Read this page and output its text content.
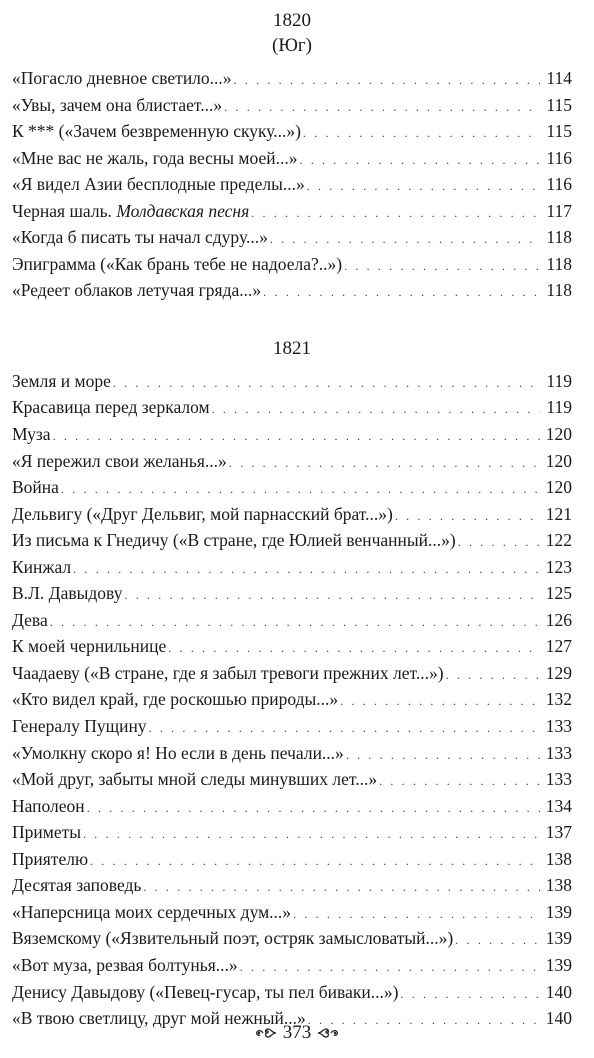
1820
(Юг)
«Погасло дневное светило...» . . .	114
«Увы, зачем она блистает...» . . .	115
К *** («Зачем безвременную скуку...») . . .	115
«Мне вас не жаль, года весны моей...» . . .	116
«Я видел Азии бесплодные пределы...» . . .	116
Черная шаль. Молдавская песня . . .	117
«Когда б писать ты начал сдуру...» . . .	118
Эпиграмма («Как брань тебе не надоела?..») . . .	118
«Редеет облаков летучая гряда...» . . .	118
1821
Земля и море . . .	119
Красавица перед зеркалом . . .	119
Муза . . .	120
«Я пережил свои желанья...» . . .	120
Война . . .	120
Дельвигу («Друг Дельвиг, мой парнасский брат...») . . .	121
Из письма к Гнедичу («В стране, где Юлией венчанный...») . . .	122
Кинжал . . .	123
В.Л. Давыдову . . .	125
Дева . . .	126
К моей чернильнице . . .	127
Чаадаеву («В стране, где я забыл тревоги прежних лет...») . . .	129
«Кто видел край, где роскошью природы...» . . .	132
Генералу Пущину . . .	133
«Умолкну скоро я! Но если в день печали...» . . .	133
«Мой друг, забыты мной следы минувших лет...» . . .	133
Наполеон . . .	134
Приметы . . .	137
Приятелю . . .	138
Десятая заповедь . . .	138
«Наперсница моих сердечных дум...» . . .	139
Вяземскому («Язвительный поэт, остряк замысловатый...») . . .	139
«Вот муза, резвая болтунья...» . . .	139
Денису Давыдову («Певец-гусар, ты пел биваки...») . . .	140
«В твою светлицу, друг мой нежный...» . . .	140
373
